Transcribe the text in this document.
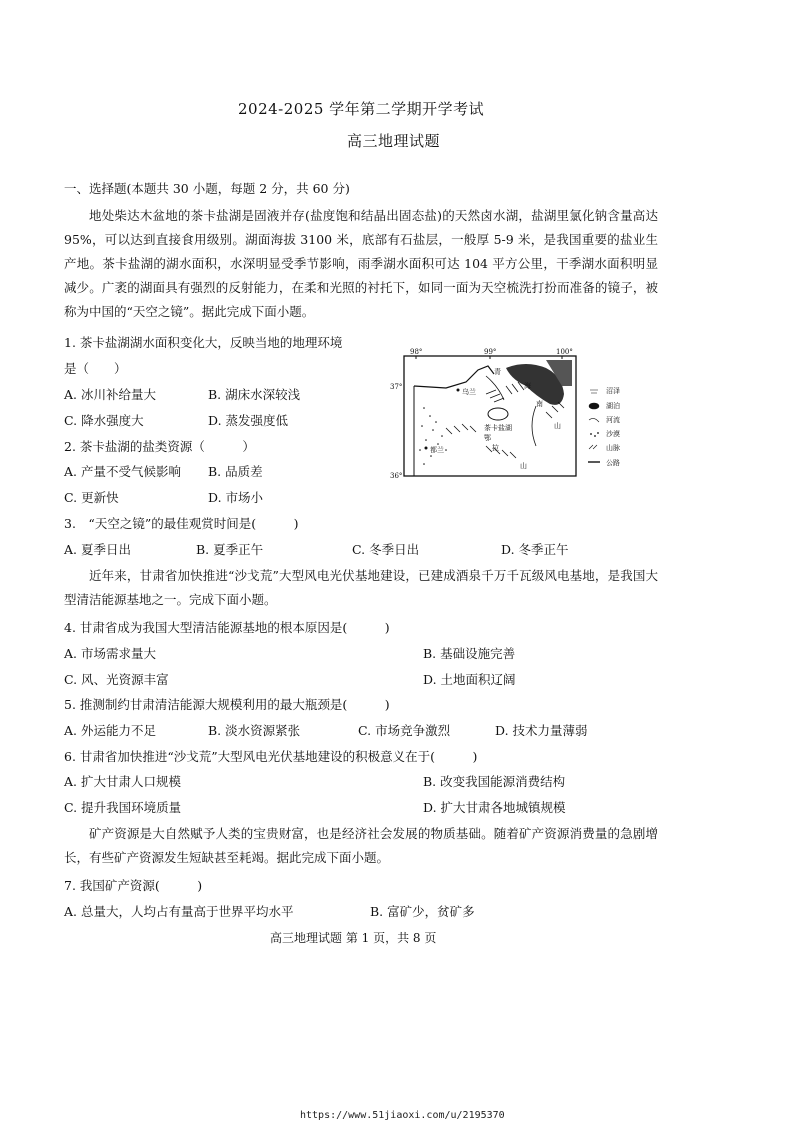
2024-2025 学年第二学期开学考试
高三地理试题
一、选择题(本题共 30 小题，每题 2 分，共 60 分)
地处柴达木盆地的茶卡盐湖是固液并存(盐度饱和结晶出固态盐)的天然卤水湖，盐湖里氯化钠含量高达 95%，可以达到直接食用级别。湖面海拔 3100 米，底部有石盐层，一般厚 5-9 米，是我国重要的盐业生产地。茶卡盐湖的湖水面积，水深明显受季节影响，雨季湖水面积可达 104 平方公里，干季湖水面积明显减少。广袤的湖面具有强烈的反射能力，在柔和光照的衬托下，如同一面为天空梳洗打扮而准备的镜子，被称为中国的“天空之镜”。据此完成下面小题。
1. 茶卡盐湖湖水面积变化大，反映当地的地理环境
是（　　）
A. 冰川补给量大	B. 湖床水深较浅
C. 降水强度大	D. 蒸发强度低
2. 茶卡盐湖的盐类资源（　　　）
A. 产量不受气候影响 B. 品质差
C. 更新快	D. 市场小
98°	99°	100°
37°
36°
乌兰
茶卡盐湖
都兰
青
海
南
山
拉
鄂
山
沼泽
湖泊
河流
沙漠
山脉
公路
3.　“天空之镜”的最佳观赏时间是(　　　)
A. 夏季日出	B. 夏季正午	C. 冬季日出	D. 冬季正午
近年来，甘肃省加快推进“沙戈荒”大型风电光伏基地建设，已建成酒泉千万千瓦级风电基地，是我国大型清洁能源基地之一。完成下面小题。
4. 甘肃省成为我国大型清洁能源基地的根本原因是(　　　)
A. 市场需求量大	B. 基础设施完善
C. 风、光资源丰富	D. 土地面积辽阔
5. 推测制约甘肃清洁能源大规模利用的最大瓶颈是(　　　)
A. 外运能力不足	B. 淡水资源紧张	C. 市场竞争激烈	D. 技术力量薄弱
6. 甘肃省加快推进“沙戈荒”大型风电光伏基地建设的积极意义在于(　　　)
A. 扩大甘肃人口规模	B. 改变我国能源消费结构
C. 提升我国环境质量	D. 扩大甘肃各地城镇规模
矿产资源是大自然赋予人类的宝贵财富，也是经济社会发展的物质基础。随着矿产资源消费量的急剧增长，有些矿产资源发生短缺甚至耗竭。据此完成下面小题。
7. 我国矿产资源(　　　)
A. 总量大，人均占有量高于世界平均水平	B. 富矿少，贫矿多
高三地理试题 第 1 页，共 8 页
https://www.51jiaoxi.com/u/2195370
